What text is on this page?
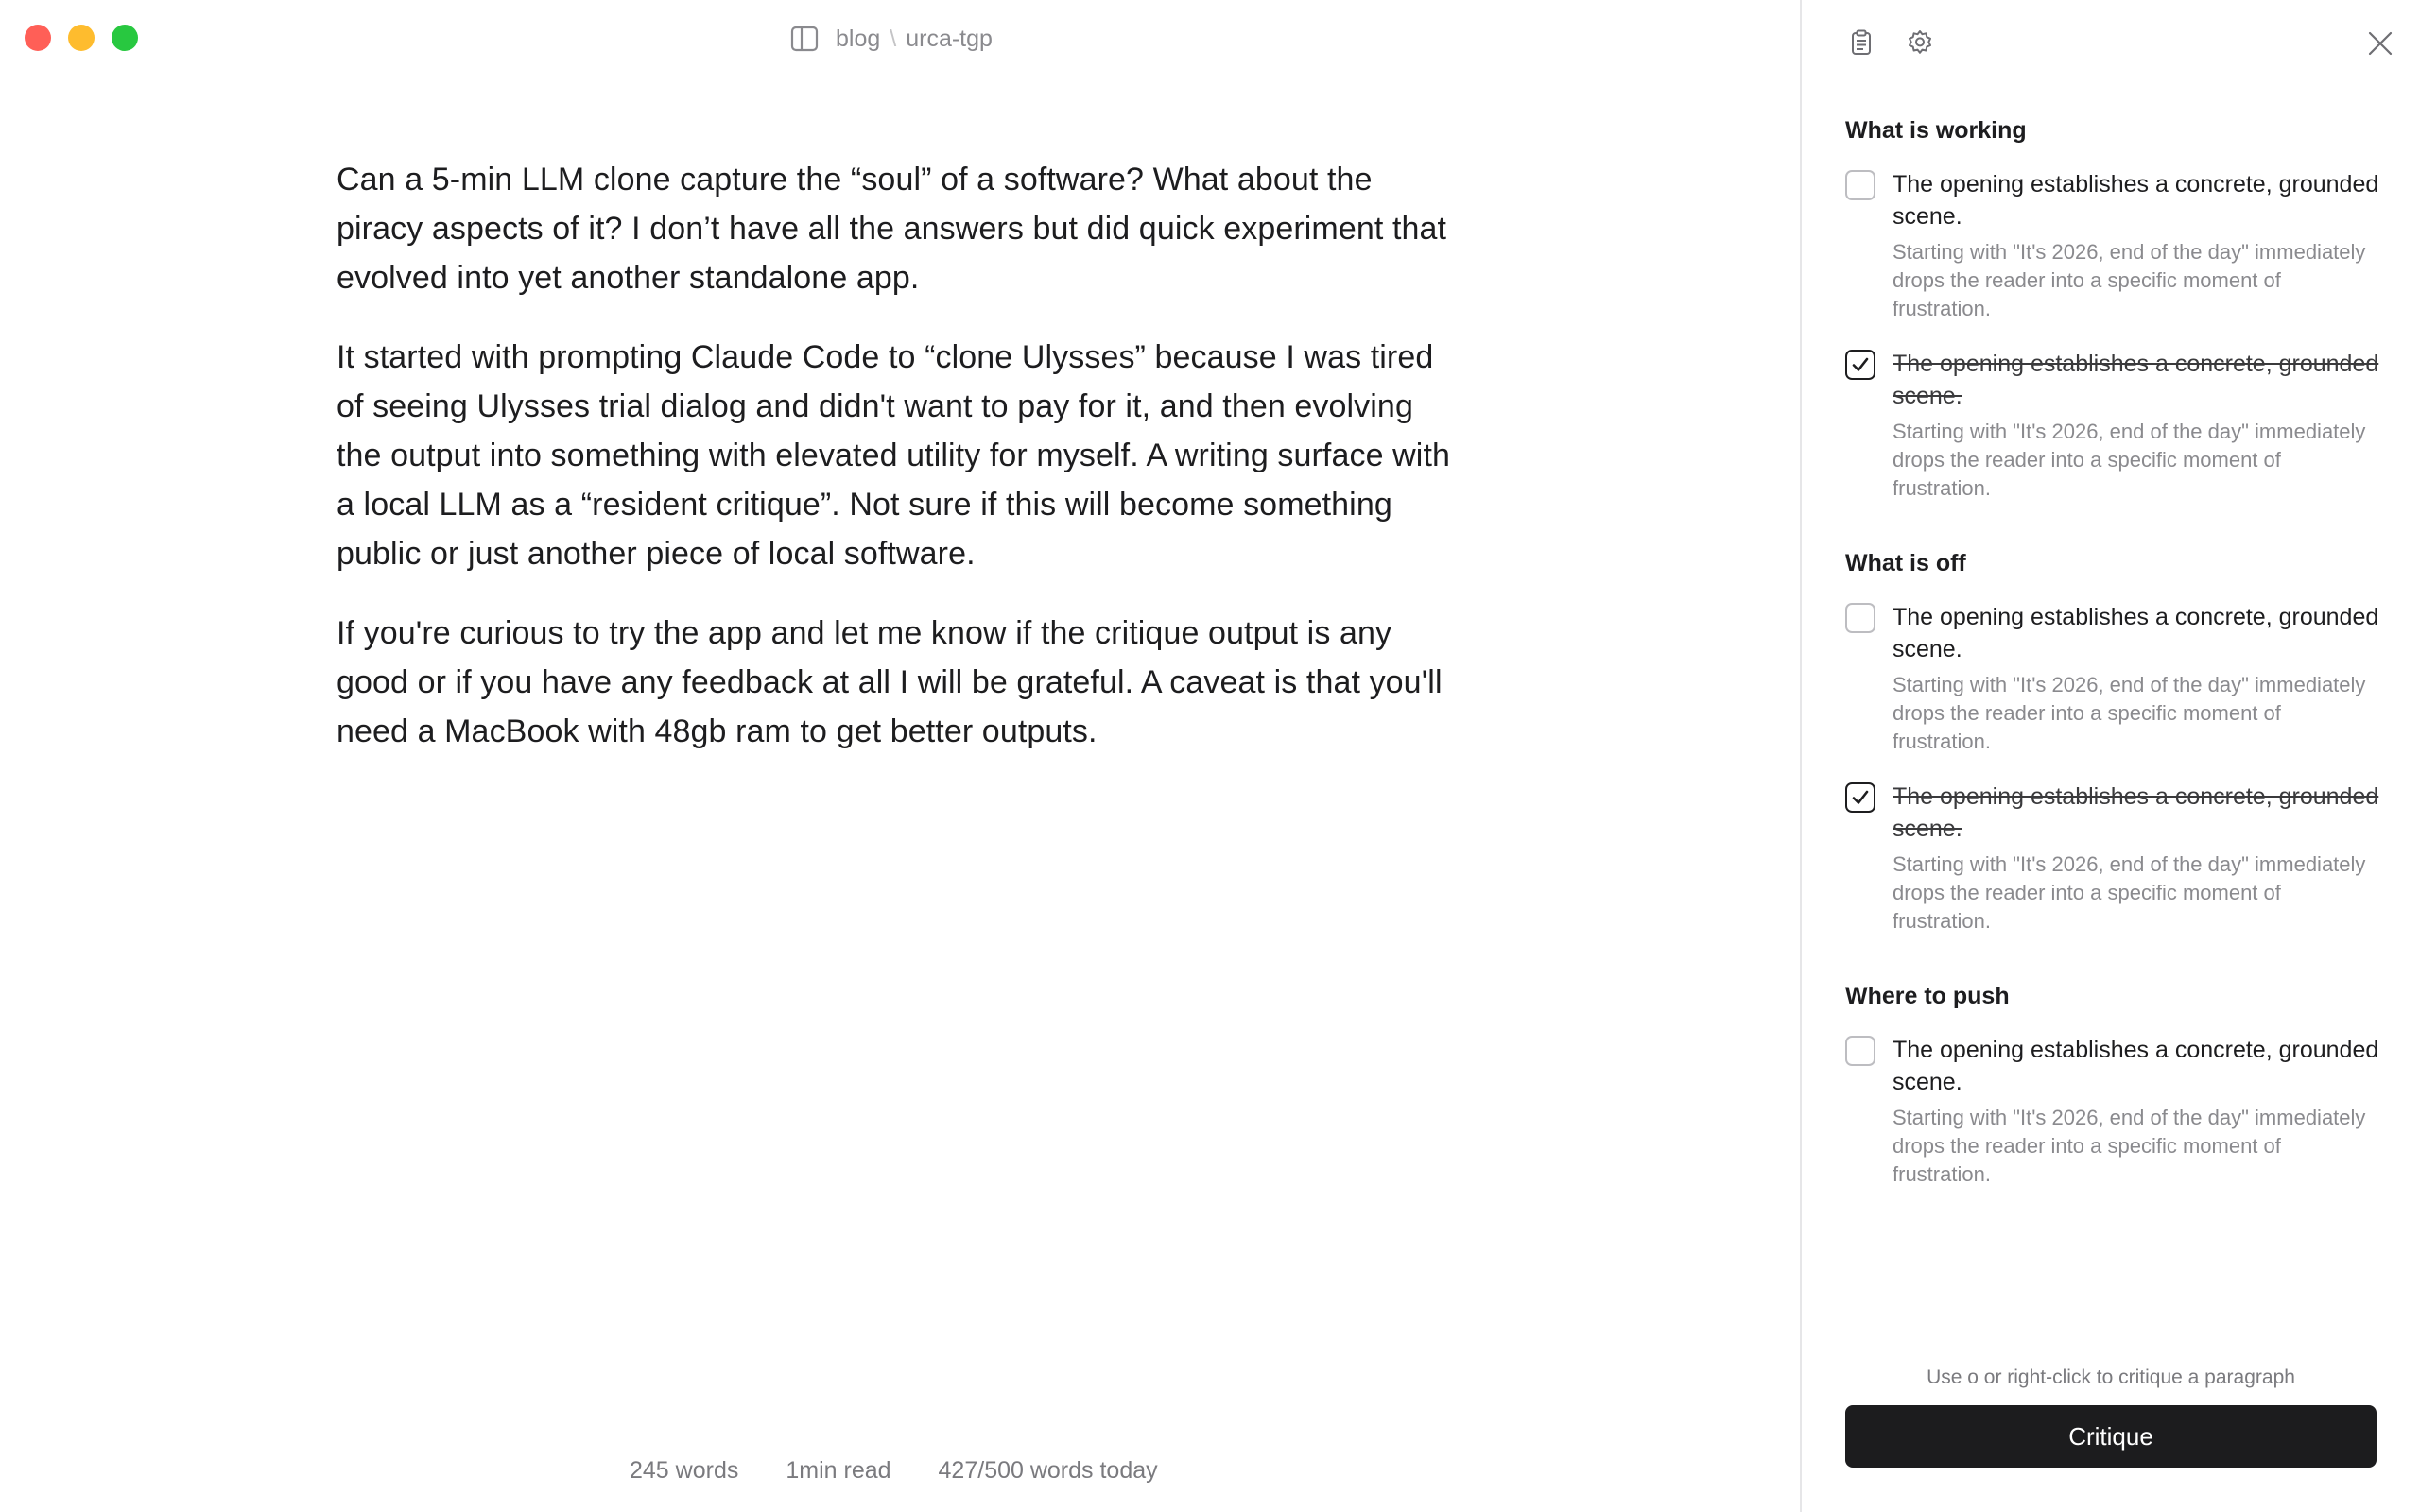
blog \ urca-tgp

Can a 5-min LLM clone capture the “soul” of a software? What about the piracy aspects of it? I don’t have all the answers but did quick experiment that evolved into yet another standalone app.

It started with prompting Claude Code to “clone Ulysses” because I was tired of seeing Ulysses trial dialog and didn't want to pay for it, and then evolving the output into something with elevated utility for myself. A writing surface with a local LLM as a “resident critique”. Not sure if this will become something public or just another piece of local software.

If you're curious to try the app and let me know if the critique output is any good or if you have any feedback at all I will be grateful. A caveat is that you'll need a MacBook with 48gb ram to get better outputs.

245 words 1min read 427/500 words today
What is working
The opening establishes a concrete, grounded scene.
Starting with "It's 2026, end of the day" immediately drops the reader into a specific moment of frustration.
The opening establishes a concrete, grounded scene.
Starting with "It's 2026, end of the day" immediately drops the reader into a specific moment of frustration.
What is off
The opening establishes a concrete, grounded scene.
Starting with "It's 2026, end of the day" immediately drops the reader into a specific moment of frustration.
The opening establishes a concrete, grounded scene.
Starting with "It's 2026, end of the day" immediately drops the reader into a specific moment of frustration.
Where to push
The opening establishes a concrete, grounded scene.
Starting with "It's 2026, end of the day" immediately drops the reader into a specific moment of frustration.
Use o or right-click to critique a paragraph
Critique
